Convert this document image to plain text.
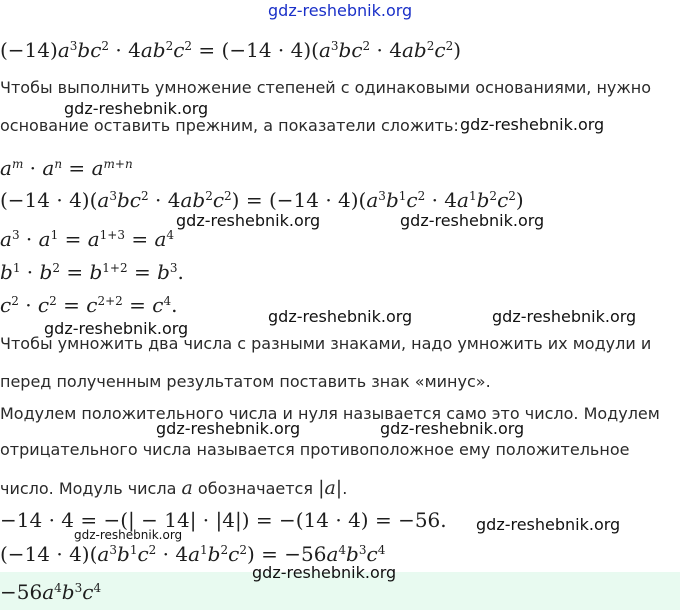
gdz-reshebnik.org
gdz-reshebnik.org
gdz-reshebnik.org
gdz-reshebnik.org	gdz-reshebnik.org
gdz-reshebnik.org	gdz-reshebnik.org
gdz-reshebnik.org
gdz-reshebnik.org	gdz-reshebnik.org
gdz-reshebnik.org
gdz-reshebnik.org
gdz-reshebnik.org
$(-14)a^3bc^2 \cdot 4ab^2c^2 = (-14 \cdot 4)(a^3bc^2 \cdot 4ab^2c^2)$
Чтобы выполнить умножение степеней с одинаковыми основаниями, нужно
основание оставить прежним, а показатели сложить:
$a^m \cdot a^n = a^{m+n}$
$(-14 \cdot 4)(a^3bc^2 \cdot 4ab^2c^2) = (-14 \cdot 4)(a^3b^1c^2 \cdot 4a^1b^2c^2)$
$a^3 \cdot a^1 = a^{1+3} = a^4$
$b^1 \cdot b^2 = b^{1+2} = b^3$.
$c^2 \cdot c^2 = c^{2+2} = c^4$.
Чтобы умножить два числа с разными знаками, надо умножить их модули и
перед полученным результатом поставить знак «минус».
Модулем положительного числа и нуля называется само это число. Модулем
отрицательного числа называется противоположное ему положительное
число. Модуль числа a обозначается |a|.
−14 · 4 = −(| − 14| · |4|) = −(14 · 4) = −56.
$(-14 \cdot 4)(a^3b^1c^2 \cdot 4a^1b^2c^2) = -56a^4b^3c^4$
$-56a^4b^3c^4$
